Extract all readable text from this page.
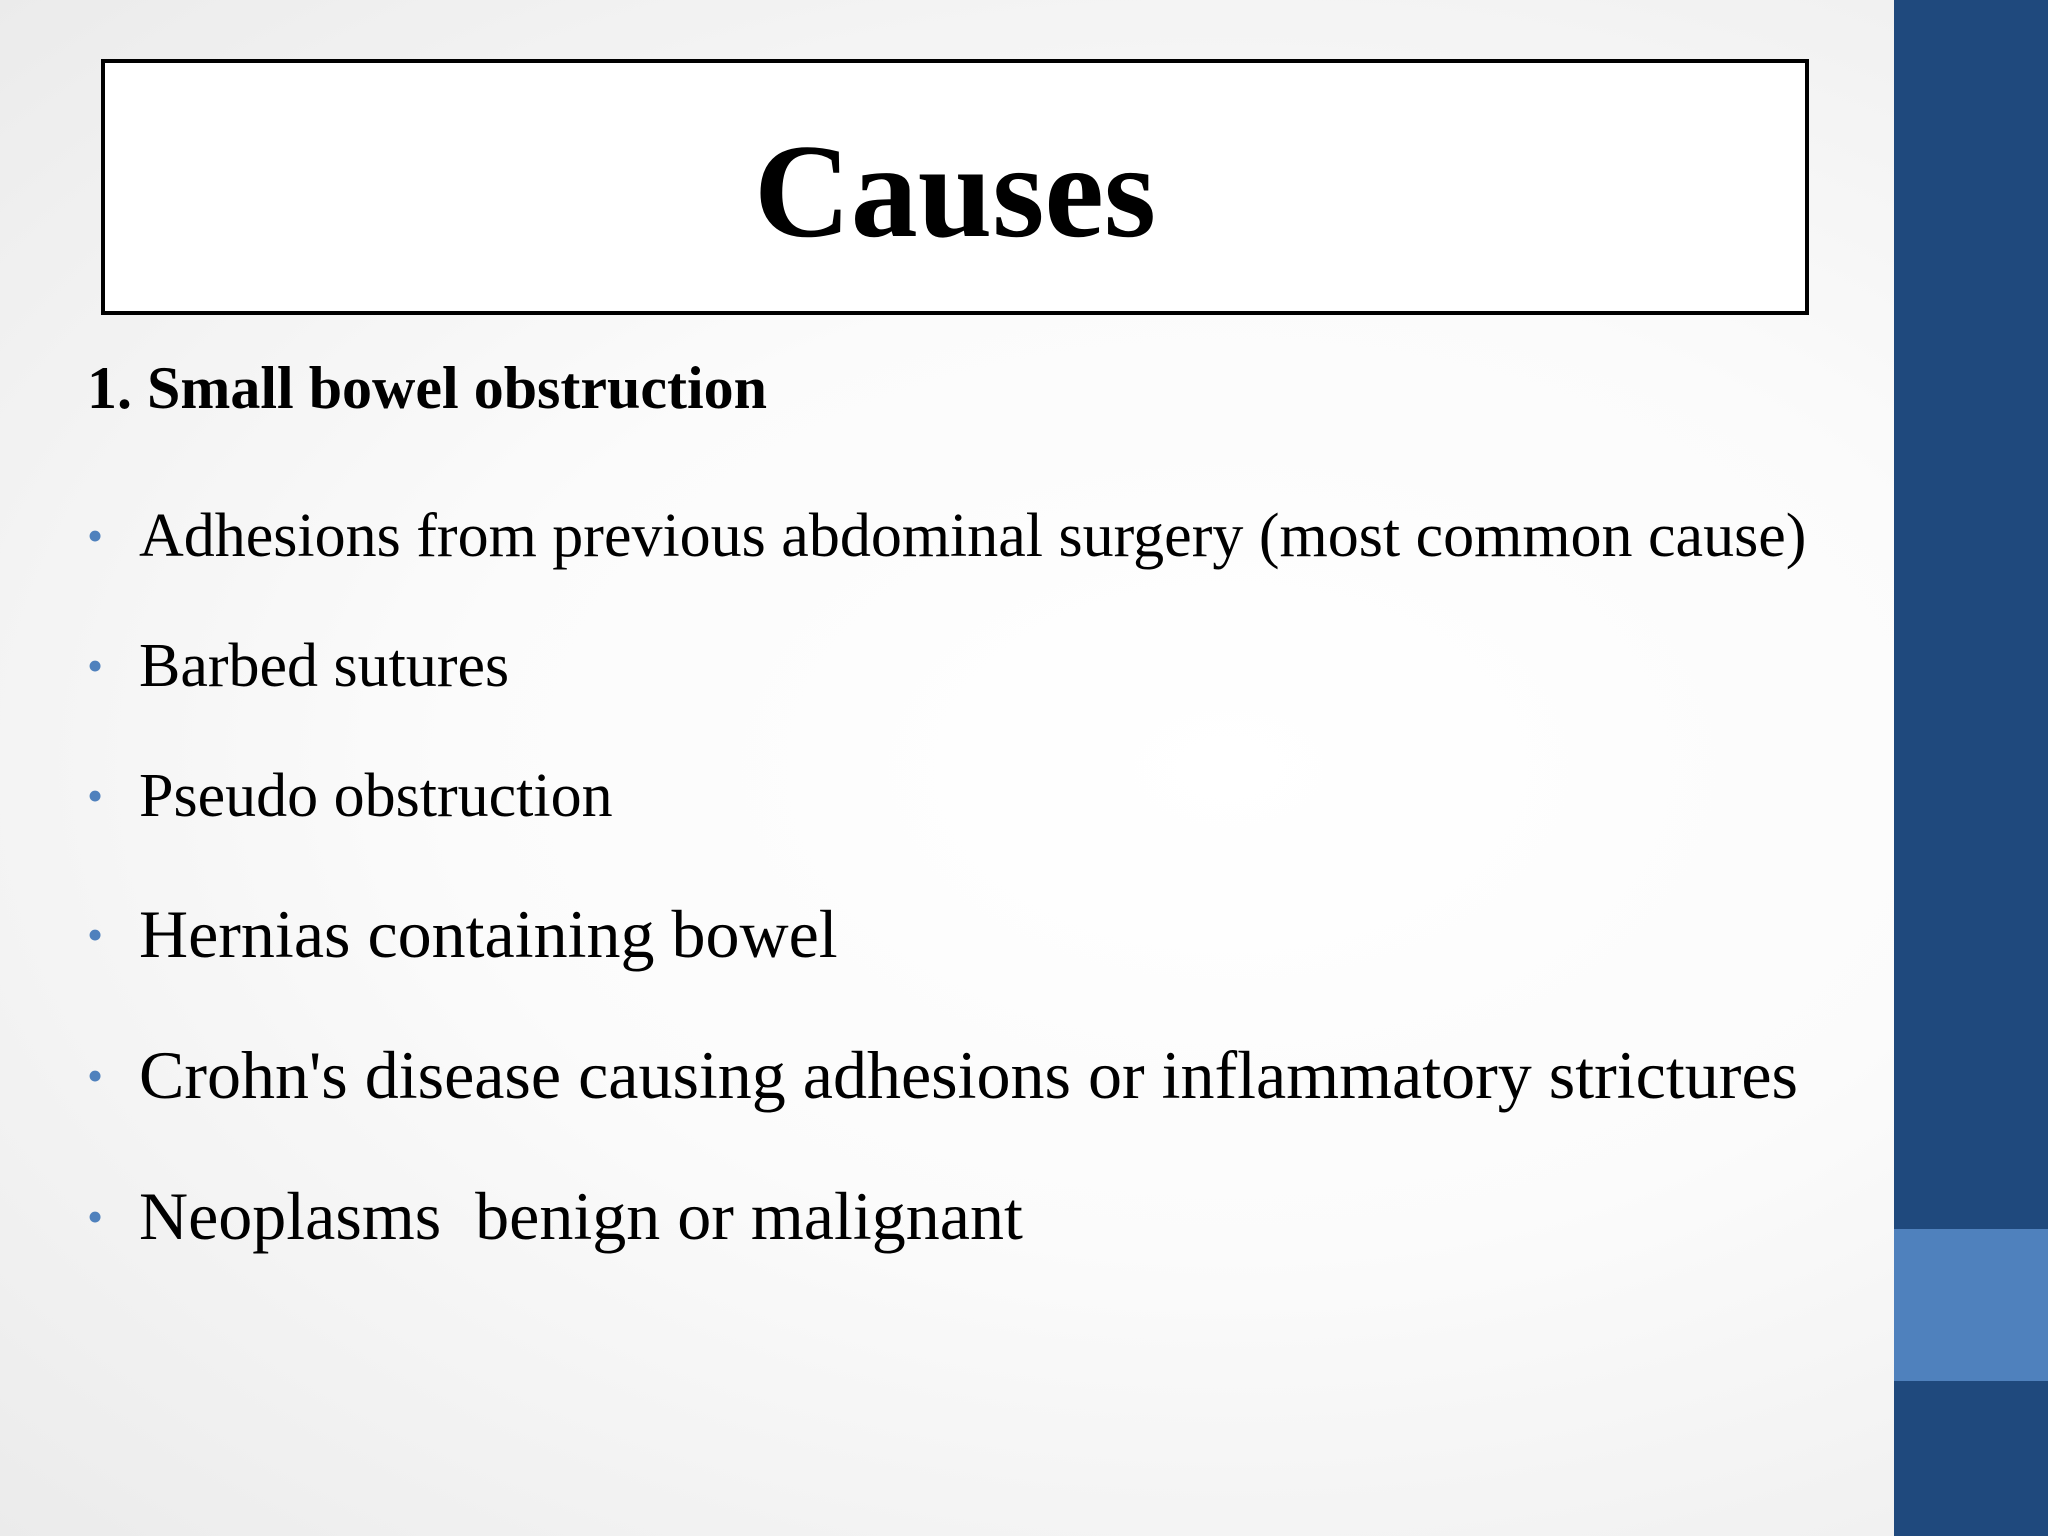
Causes

1. Small bowel obstruction

• Adhesions from previous abdominal surgery (most common cause)
• Barbed sutures
• Pseudo obstruction
• Hernias containing bowel
• Crohn's disease causing adhesions or inflammatory strictures
• Neoplasms  benign or malignant
